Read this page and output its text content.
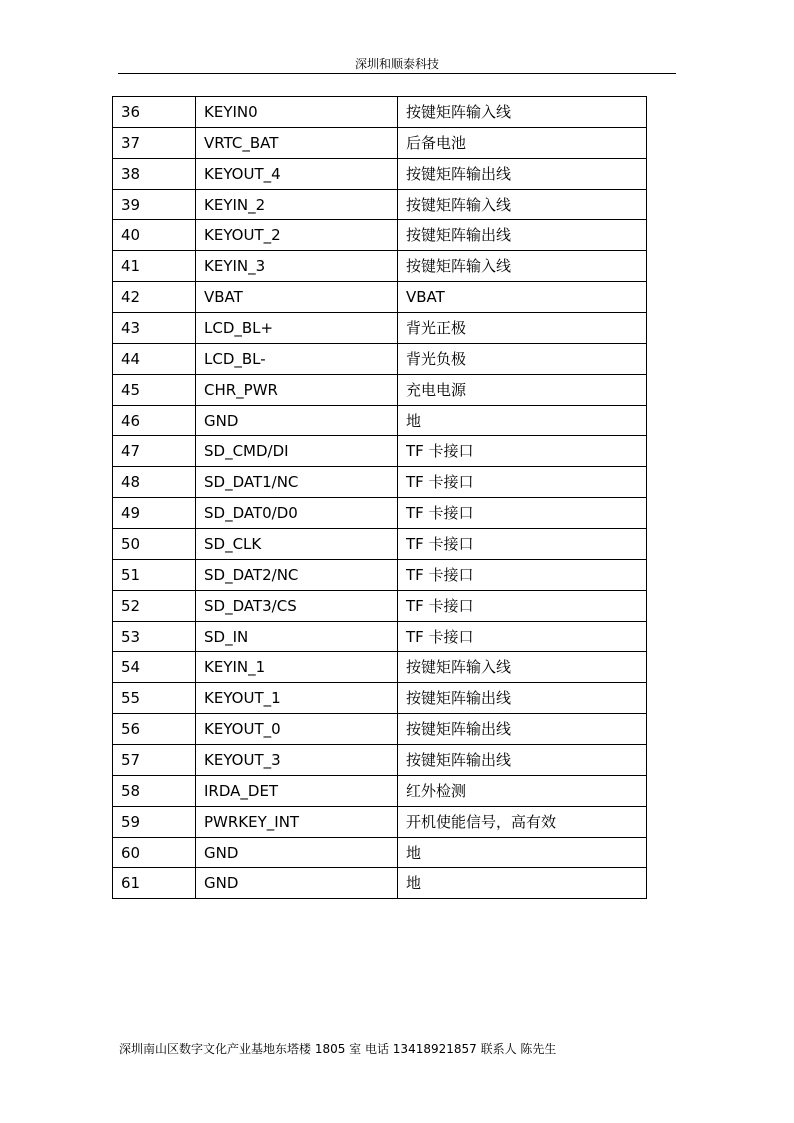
深圳和顺泰科技
36	KEYIN0	按键矩阵输入线
37	VRTC_BAT	后备电池
38	KEYOUT_4	按键矩阵输出线
39	KEYIN_2	按键矩阵输入线
40	KEYOUT_2	按键矩阵输出线
41	KEYIN_3	按键矩阵输入线
42	VBAT	VBAT
43	LCD_BL+	背光正极
44	LCD_BL-	背光负极
45	CHR_PWR	充电电源
46	GND	地
47	SD_CMD/DI	TF 卡接口
48	SD_DAT1/NC	TF 卡接口
49	SD_DAT0/D0	TF 卡接口
50	SD_CLK	TF 卡接口
51	SD_DAT2/NC	TF 卡接口
52	SD_DAT3/CS	TF 卡接口
53	SD_IN	TF 卡接口
54	KEYIN_1	按键矩阵输入线
55	KEYOUT_1	按键矩阵输出线
56	KEYOUT_0	按键矩阵输出线
57	KEYOUT_3	按键矩阵输出线
58	IRDA_DET	红外检测
59	PWRKEY_INT	开机使能信号，高有效
60	GND	地
61	GND	地
深圳南山区数字文化产业基地东塔楼 1805 室 电话 13418921857 联系人 陈先生
